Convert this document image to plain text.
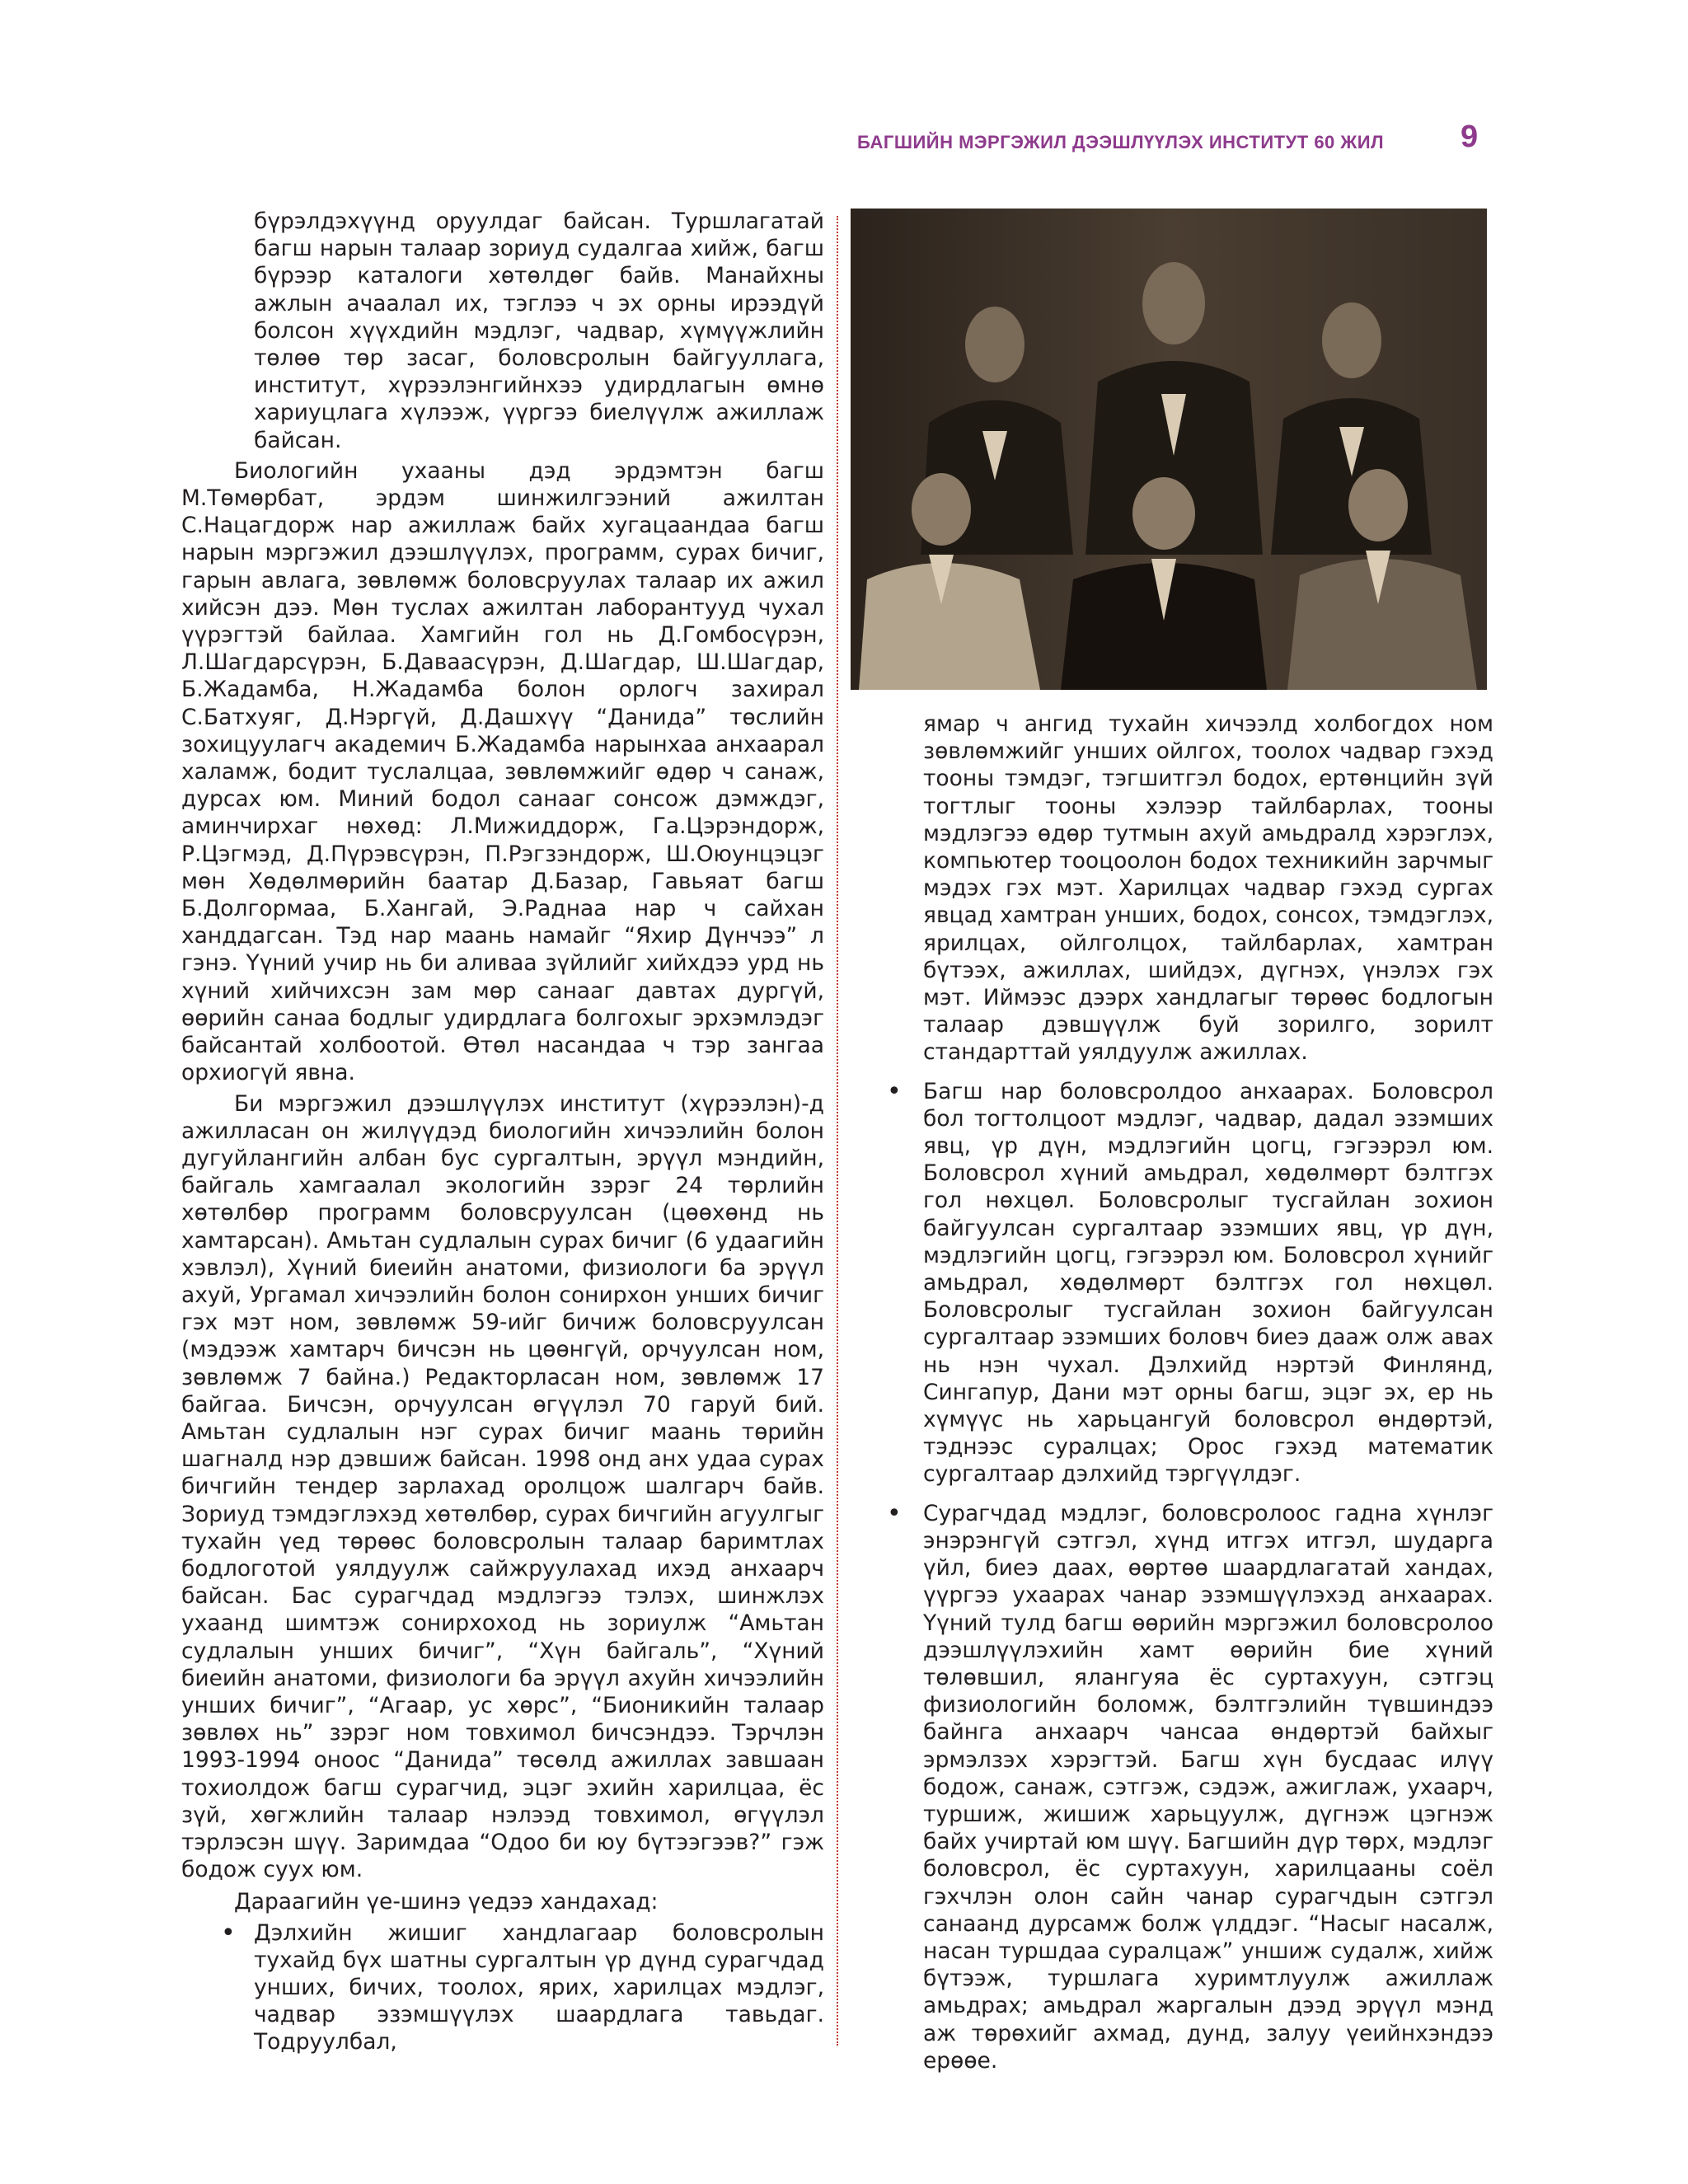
БАГШИЙН МЭРГЭЖИЛ ДЭЭШЛҮҮЛЭХ ИНСТИТУТ 60 ЖИЛ 9

бүрэлдэхүүнд оруулдаг байсан. Туршлагатай багш нарын талаар зориуд судалгаа хийж, багш бүрээр каталоги хөтөлдөг байв. Манайхны ажлын ачаалал их, тэглээ ч эх орны ирээдүй болсон хүүхдийн мэдлэг, чадвар, хүмүүжлийн төлөө төр засаг, боловсролын байгууллага, институт, хүрээлэнгийнхээ удирдлагын өмнө хариуцлага хүлээж, үүргээ биелүүлж ажиллаж байсан.

Биологийн ухааны дэд эрдэмтэн багш М.Төмөрбат, эрдэм шинжилгээний ажилтан С.Нацагдорж нар ажиллаж байх хугацаандаа багш нарын мэргэжил дээшлүүлэх, программ, сурах бичиг, гарын авлага, зөвлөмж боловсруулах талаар их ажил хийсэн дээ. Мөн туслах ажилтан лаборантууд чухал үүрэгтэй байлаа. Хамгийн гол нь Д.Гомбосүрэн, Л.Шагдарсүрэн, Б.Даваасүрэн, Д.Шагдар, Ш.Шагдар, Б.Жадамба, Н.Жадамба болон орлогч захирал С.Батхуяг, Д.Нэргүй, Д.Дашхүү “Данида” төслийн зохицуулагч академич Б.Жадамба нарынхаа анхаарал халамж, бодит туслалцаа, зөвлөмжийг өдөр ч санаж, дурсах юм. Миний бодол санааг сонсож дэмждэг, аминчирхаг нөхөд: Л.Мижиддорж, Га.Цэрэндорж, Р.Цэгмэд, Д.Пүрэвсүрэн, П.Рэгзэндорж, Ш.Оюунцэцэг мөн Хөдөлмөрийн баатар Д.Базар, Гавьяат багш Б.Долгормаа, Б.Хангай, Э.Раднаа нар ч сайхан ханддагсан. Тэд нар маань намайг “Яхир Дүнчээ” л гэнэ. Үүний учир нь би аливаа зүйлийг хийхдээ урд нь хүний хийчихсэн зам мөр санааг давтах дургүй, өөрийн санаа бодлыг удирдлага болгохыг эрхэмлэдэг байсантай холбоотой. Өтөл насандаа ч тэр зангаа орхиогүй явна.

Би мэргэжил дээшлүүлэх институт (хүрээлэн)-д ажилласан он жилүүдэд биологийн хичээлийн болон дугуйлангийн албан бус сургалтын, эрүүл мэндийн, байгаль хамгаалал экологийн зэрэг 24 төрлийн хөтөлбөр программ боловсруулсан (цөөхөнд нь хамтарсан). Амьтан судлалын сурах бичиг (6 удаагийн хэвлэл), Хүний биеийн анатоми, физиологи ба эрүүл ахуй, Ургамал хичээлийн болон сонирхон унших бичиг гэх мэт ном, зөвлөмж 59-ийг бичиж боловсруулсан (мэдээж хамтарч бичсэн нь цөөнгүй, орчуулсан ном, зөвлөмж 7 байна.) Редакторласан ном, зөвлөмж 17 байгаа. Бичсэн, орчуулсан өгүүлэл 70 гаруй бий. Амьтан судлалын нэг сурах бичиг маань төрийн шагналд нэр дэвшиж байсан. 1998 онд анх удаа сурах бичгийн тендер зарлахад оролцож шалгарч байв. Зориуд тэмдэглэхэд хөтөлбөр, сурах бичгийн агуулгыг тухайн үед төрөөс боловсролын талаар баримтлах бодлоготой уялдуулж сайжруулахад ихэд анхаарч байсан. Бас сурагчдад мэдлэгээ тэлэх, шинжлэх ухаанд шимтэж сонирхоход нь зориулж “Амьтан судлалын унших бичиг”, “Хүн байгаль”, “Хүний биеийн анатоми, физиологи ба эрүүл ахуйн хичээлийн унших бичиг”, “Агаар, ус хөрс”, “Бионикийн талаар зөвлөх нь” зэрэг ном товхимол бичсэндээ. Тэрчлэн 1993-1994 оноос “Данида” төсөлд ажиллах завшаан тохиолдож багш сурагчид, эцэг эхийн харилцаа, ёс зүй, хөгжлийн талаар нэлээд товхимол, өгүүлэл тэрлэсэн шүү. Заримдаа “Одоо би юу бүтээгээв?” гэж бодож суух юм.

Дараагийн үе-шинэ үедээ хандахад:

• Дэлхийн жишиг хандлагаар боловсролын тухайд бүх шатны сургалтын үр дүнд сурагчдад унших, бичих, тоолох, ярих, харилцах мэдлэг, чадвар эзэмшүүлэх шаардлага тавьдаг. Тодруулбал,

ямар ч ангид тухайн хичээлд холбогдох ном зөвлөмжийг унших ойлгох, тоолох чадвар гэхэд тооны тэмдэг, тэгшитгэл бодох, ертөнцийн зүй тогтлыг тооны хэлээр тайлбарлах, тооны мэдлэгээ өдөр тутмын ахуй амьдралд хэрэглэх, компьютер тооцоолон бодох техникийн зарчмыг мэдэх гэх мэт. Харилцах чадвар гэхэд сургах явцад хамтран унших, бодох, сонсох, тэмдэглэх, ярилцах, ойлголцох, тайлбарлах, хамтран бүтээх, ажиллах, шийдэх, дүгнэх, үнэлэх гэх мэт. Иймээс дээрх хандлагыг төрөөс бодлогын талаар дэвшүүлж буй зорилго, зорилт стандарттай уялдуулж ажиллах.

• Багш нар боловсролдоо анхаарах. Боловсрол бол тогтолцоот мэдлэг, чадвар, дадал эзэмших явц, үр дүн, мэдлэгийн цогц, гэгээрэл юм. Боловсрол хүний амьдрал, хөдөлмөрт бэлтгэх гол нөхцөл. Боловсролыг тусгайлан зохион байгуулсан сургалтаар эзэмших явц, үр дүн, мэдлэгийн цогц, гэгээрэл юм. Боловсрол хүнийг амьдрал, хөдөлмөрт бэлтгэх гол нөхцөл. Боловсролыг тусгайлан зохион байгуулсан сургалтаар эзэмших боловч биеэ дааж олж авах нь нэн чухал. Дэлхийд нэртэй Финлянд, Сингапур, Дани мэт орны багш, эцэг эх, ер нь хүмүүс нь харьцангуй боловсрол өндөртэй, тэднээс суралцах; Орос гэхэд математик сургалтаар дэлхийд тэргүүлдэг.
• Сурагчдад мэдлэг, боловсролоос гадна хүнлэг энэрэнгүй сэтгэл, хүнд итгэх итгэл, шударга үйл, биеэ даах, өөртөө шаардлагатай хандах, үүргээ ухаарах чанар эзэмшүүлэхэд анхаарах. Үүний тулд багш өөрийн мэргэжил боловсролоо дээшлүүлэхийн хамт өөрийн бие хүний төлөвшил, ялангуяа ёс суртахуун, сэтгэц физиологийн боломж, бэлтгэлийн түвшиндээ байнга анхаарч чансаа өндөртэй байхыг эрмэлзэх хэрэгтэй. Багш хүн бусдаас илүү бодож, санаж, сэтгэж, сэдэж, ажиглаж, ухаарч, туршиж, жишиж харьцуулж, дүгнэж цэгнэж байх учиртай юм шүү. Багшийн дүр төрх, мэдлэг боловсрол, ёс суртахуун, харилцааны соёл гэхчлэн олон сайн чанар сурагчдын сэтгэл санаанд дурсамж болж үлддэг. “Насыг насалж, насан туршдаа суралцаж” уншиж судалж, хийж бүтээж, туршлага хуримтлуулж ажиллаж амьдрах; амьдрал жаргалын дээд эрүүл мэнд аж төрөхийг ахмад, дунд, залуу үеийнхэндээ ерөөе.
